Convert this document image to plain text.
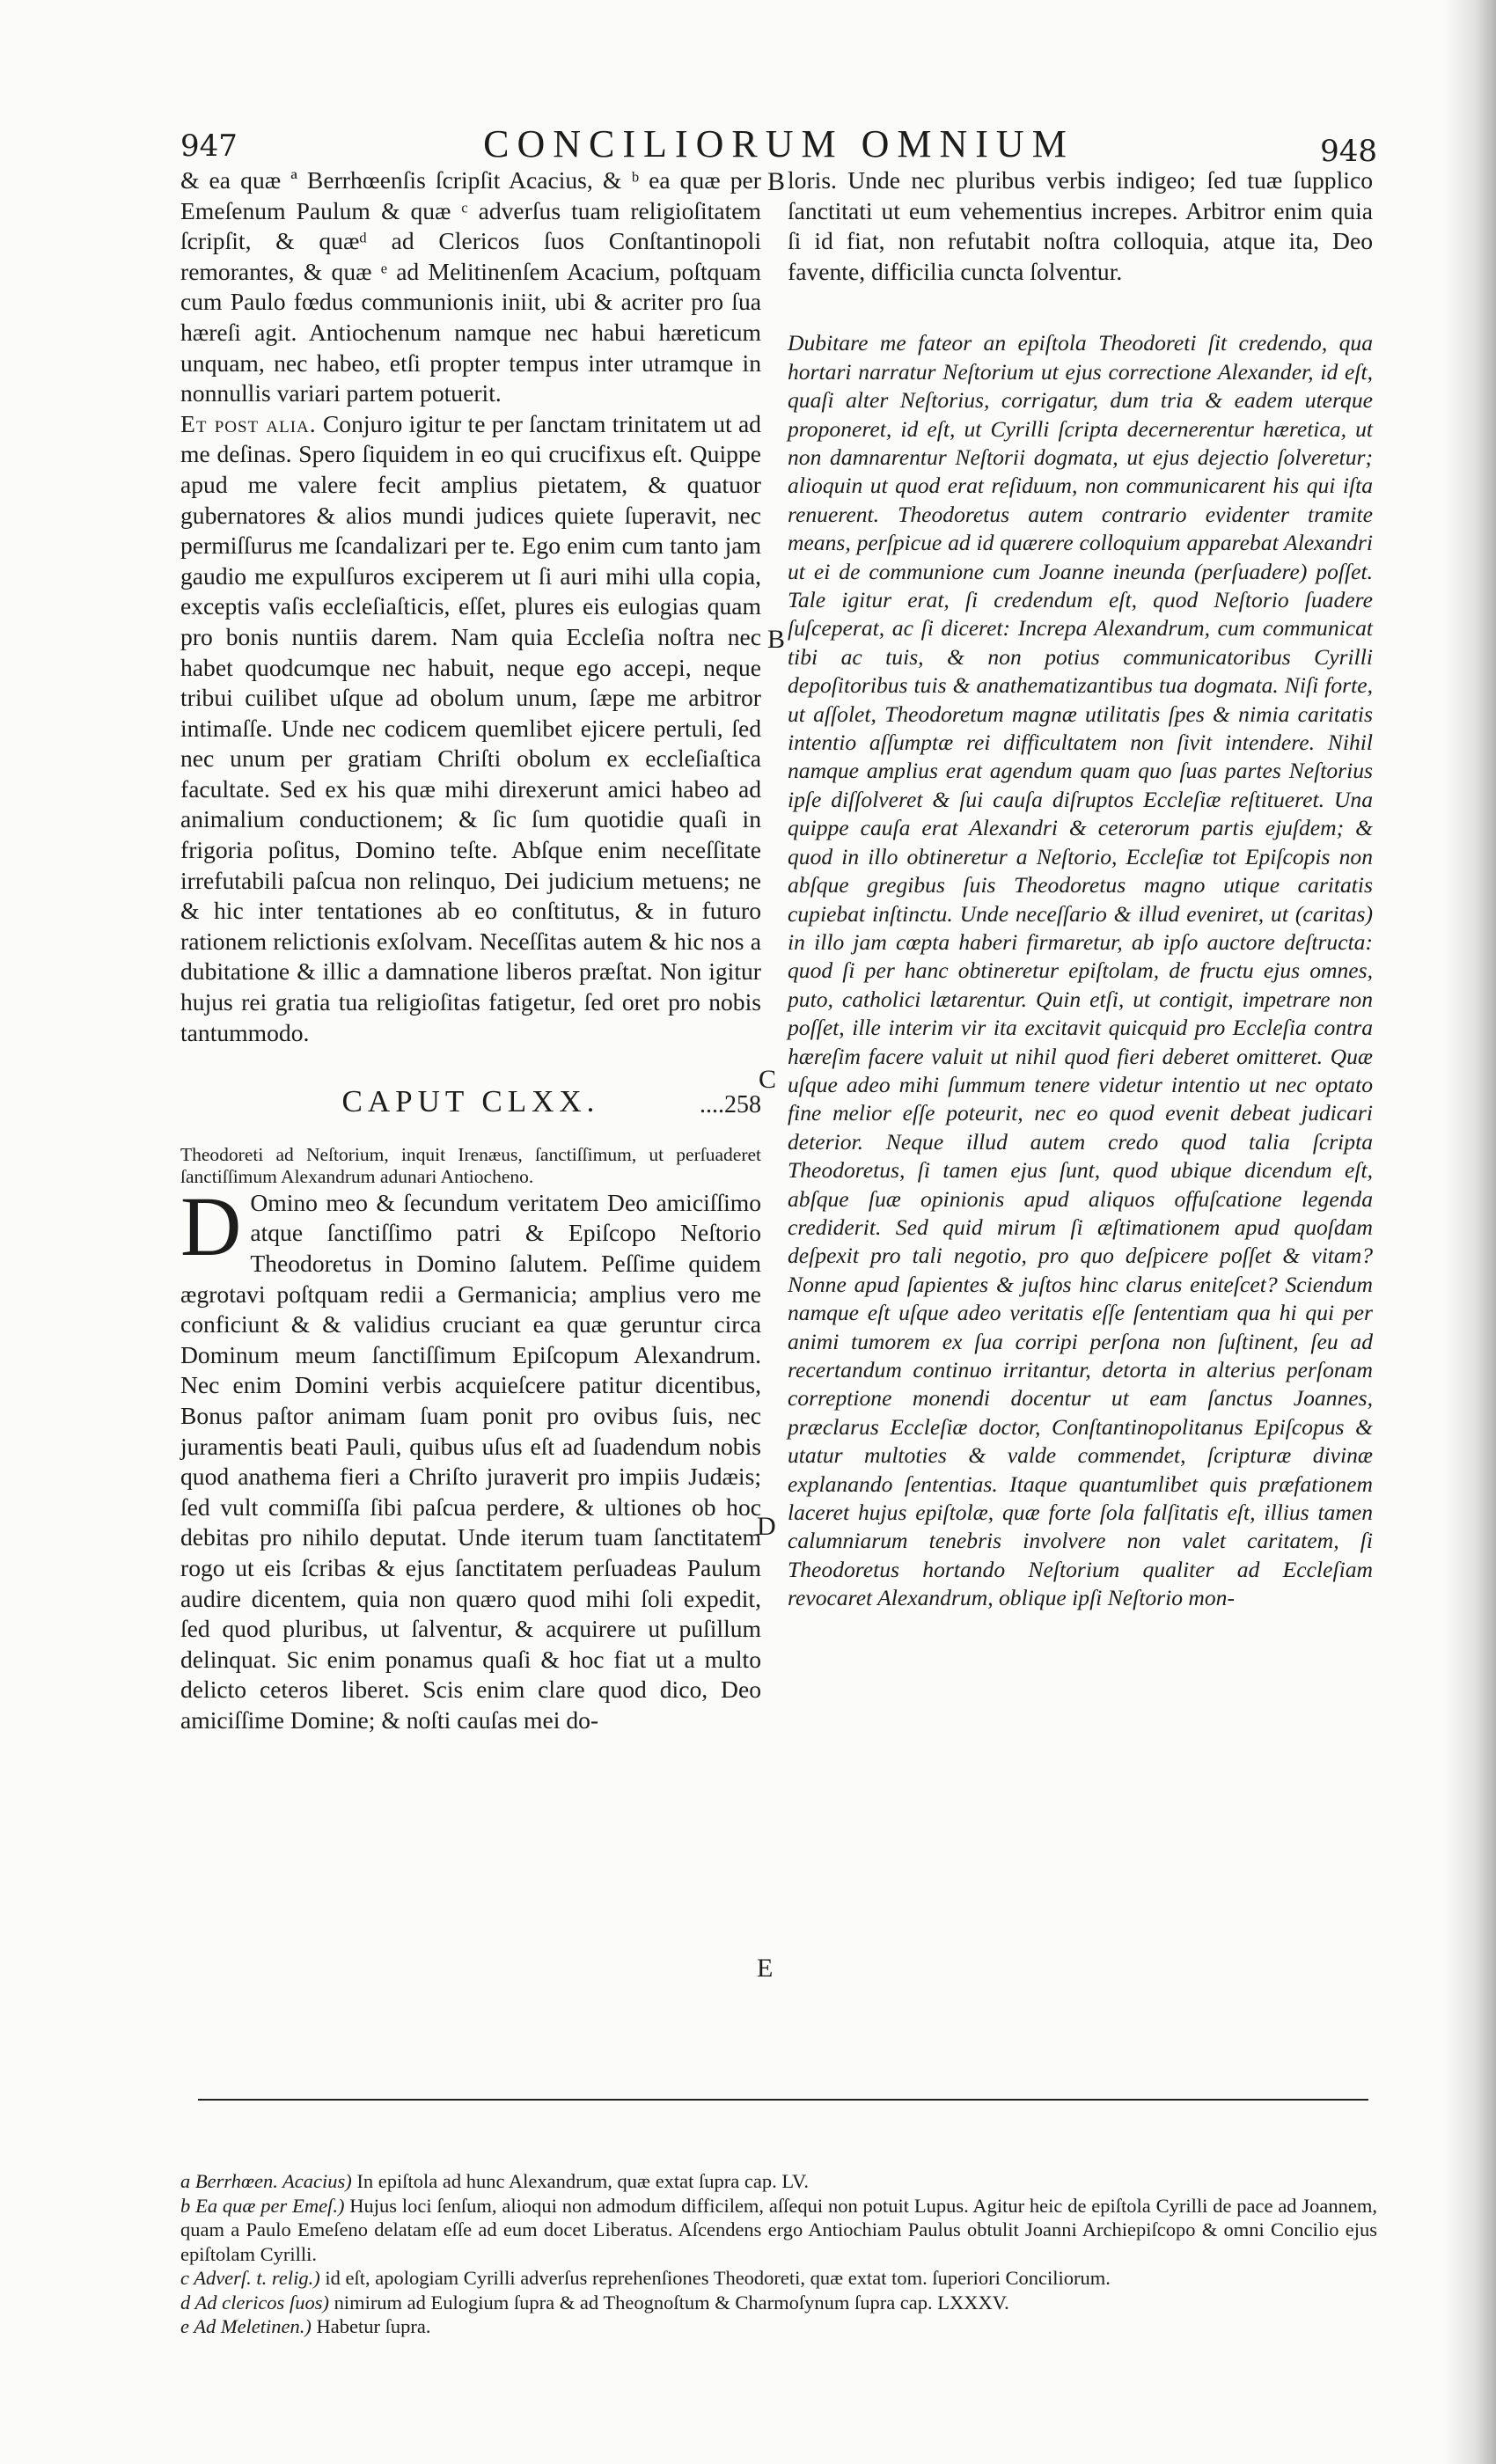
947	CONCILIORUM OMNIUM	948

& ea quæ ª Berrhœenſis ſcripſit Acacius, & ᵇ ea quæ per Emeſenum Paulum & quæ ᶜ adverſus tuam religioſitatem ſcripſit, & quæᵈ ad Clericos ſuos Conſtantinopoli remorantes, & quæ ᵉ ad Melitinenſem Acacium, poſtquam cum Paulo fœdus communionis iniit, ubi & acriter pro ſua hæreſi agit. Antiochenum namque nec habui hæreticum unquam, nec habeo, etſi propter tempus inter utramque in nonnullis variari partem potuerit.

Et post alia. Conjuro igitur te per ſanctam trinitatem ut ad me deſinas. Spero ſiquidem in eo qui crucifixus eſt. Quippe apud me valere fecit amplius pietatem, & quatuor gubernatores & alios mundi judices quiete ſuperavit, nec permiſſurus me ſcandalizari per te. Ego enim cum tanto jam gaudio me expulſuros exciperem ut ſi auri mihi ulla copia, exceptis vaſis eccleſiaſticis, eſſet, plures eis eulogias quam pro bonis nuntiis darem. Nam quia Eccleſia noſtra nec habet quodcumque nec habuit, neque ego accepi, neque tribui cuilibet uſque ad obolum unum, ſæpe me arbitror intimaſſe. Unde nec codicem quemlibet ejicere pertuli, ſed nec unum per gratiam Chriſti obolum ex eccleſiaſtica facultate. Sed ex his quæ mihi direxerunt amici habeo ad animalium conductionem; & ſic ſum quotidie quaſi in frigoria poſitus, Domino teſte. Abſque enim neceſſitate irrefutabili paſcua non relinquo, Dei judicium metuens; ne & hic inter tentationes ab eo conſtitutus, & in futuro rationem relictionis exſolvam. Neceſſitas autem & hic nos a dubitatione & illic a damnatione liberos præſtat. Non igitur hujus rei gratia tua religioſitas fatigetur, ſed oret pro nobis tantummodo.

CAPUT CLXX.	....258

Theodoreti ad Neſtorium, inquit Irenæus, ſanctiſſimum, ut perſuaderet ſanctiſſimum Alexandrum adunari Antiocheno.

D Omino meo & ſecundum veritatem Deo amiciſſimo atque ſanctiſſimo patri & Epiſcopo Neſtorio Theodoretus in Domino ſalutem. Peſſime quidem ægrotavi poſtquam redii a Germanicia; amplius vero me conficiunt & & validius cruciant ea quæ geruntur circa Dominum meum ſanctiſſimum Epiſcopum Alexandrum. Nec enim Domini verbis acquieſcere patitur dicentibus, Bonus paſtor animam ſuam ponit pro ovibus ſuis, nec juramentis beati Pauli, quibus uſus eſt ad ſuadendum nobis quod anathema fieri a Chriſto juraverit pro impiis Judæis; ſed vult commiſſa ſibi paſcua perdere, & ultiones ob hoc debitas pro nihilo deputat. Unde iterum tuam ſanctitatem rogo ut eis ſcribas & ejus ſanctitatem perſuadeas Paulum audire dicentem, quia non quæro quod mihi ſoli expedit, ſed quod pluribus, ut ſalventur, & acquirere ut puſillum delinquat. Sic enim ponamus quaſi & hoc fiat ut a multo delicto ceteros liberet. Scis enim clare quod dico, Deo amiciſſime Domine; & noſti cauſas mei do-

loris. Unde nec pluribus verbis indigeo; ſed tuæ ſupplico ſanctitati ut eum vehementius increpes. Arbitror enim quia ſi id fiat, non refutabit noſtra colloquia, atque ita, Deo favente, difficilia cuncta ſolventur.

Dubitare me fateor an epiſtola Theodoreti ſit credendo, qua hortari narratur Neſtorium ut ejus correctione Alexander, id eſt, quaſi alter Neſtorius, corrigatur, dum tria & eadem uterque proponeret, id eſt, ut Cyrilli ſcripta decernerentur hæretica, ut non damnarentur Neſtorii dogmata, ut ejus dejectio ſolveretur; alioquin ut quod erat reſiduum, non communicarent his qui iſta renuerent. Theodoretus autem contrario evidenter tramite means, perſpicue ad id quærere colloquium apparebat Alexandri ut ei de communione cum Joanne ineunda (perſuadere) poſſet. Tale igitur erat, ſi credendum eſt, quod Neſtorio ſuadere ſuſceperat, ac ſi diceret: Increpa Alexandrum, cum communicat tibi ac tuis, & non potius communicatoribus Cyrilli depoſitoribus tuis & anathematizantibus tua dogmata. Niſi forte, ut aſſolet, Theodoretum magnæ utilitatis ſpes & nimia caritatis intentio aſſumptæ rei difficultatem non ſivit intendere. Nihil namque amplius erat agendum quam quo ſuas partes Neſtorius ipſe diſſolveret & ſui cauſa diſruptos Eccleſiæ reſtitueret. Una quippe cauſa erat Alexandri & ceterorum partis ejuſdem; & quod in illo obtineretur a Neſtorio, Eccleſiæ tot Epiſcopis non abſque gregibus ſuis Theodoretus magno utique caritatis cupiebat inſtinctu. Unde neceſſario & illud eveniret, ut (caritas) in illo jam cœpta haberi firmaretur, ab ipſo auctore deſtructa: quod ſi per hanc obtineretur epiſtolam, de fructu ejus omnes, puto, catholici lætarentur. Quin etſi, ut contigit, impetrare non poſſet, ille interim vir ita excitavit quicquid pro Eccleſia contra hæreſim facere valuit ut nihil quod fieri deberet omitteret. Quæ uſque adeo mihi ſummum tenere videtur intentio ut nec optato fine melior eſſe poteurit, nec eo quod evenit debeat judicari deterior. Neque illud autem credo quod talia ſcripta Theodoretus, ſi tamen ejus ſunt, quod ubique dicendum eſt, abſque ſuæ opinionis apud aliquos offuſcatione legenda crediderit. Sed quid mirum ſi æſtimationem apud quoſdam deſpexit pro tali negotio, pro quo deſpicere poſſet & vitam? Nonne apud ſapientes & juſtos hinc clarus eniteſcet? Sciendum namque eſt uſque adeo veritatis eſſe ſententiam qua hi qui per animi tumorem ex ſua corripi perſona non ſuſtinent, ſeu ad recertandum continuo irritantur, detorta in alterius perſonam correptione monendi docentur ut eam ſanctus Joannes, præclarus Eccleſiæ doctor, Conſtantinopolitanus Epiſcopus & utatur multoties & valde commendet, ſcripturæ divinæ explanando ſententias. Itaque quantumlibet quis præfationem laceret hujus epiſtolæ, quæ forte ſola falſitatis eſt, illius tamen calumniarum tenebris involvere non valet caritatem, ſi Theodoretus hortando Neſtorium qualiter ad Eccleſiam revocaret Alexandrum, oblique ipſi Neſtorio mon-

B
B
C
D
E

a Berrhœen. Acacius) In epiſtola ad hunc Alexandrum, quæ extat ſupra cap. LV.

b Ea quæ per Emeſ.) Hujus loci ſenſum, alioqui non admodum difficilem, aſſequi non potuit Lupus. Agitur heic de epiſtola Cyrilli de pace ad Joannem, quam a Paulo Emeſeno delatam eſſe ad eum docet Liberatus. Aſcendens ergo Antiochiam Paulus obtulit Joanni Archiepiſcopo & omni Concilio ejus epiſtolam Cyrilli.

c Adverſ. t. relig.) id eſt, apologiam Cyrilli adverſus reprehenſiones Theodoreti, quæ extat tom. ſuperiori Conciliorum.

d Ad clericos ſuos) nimirum ad Eulogium ſupra & ad Theognoſtum & Charmoſynum ſupra cap. LXXXV.

e Ad Meletinen.) Habetur ſupra.
